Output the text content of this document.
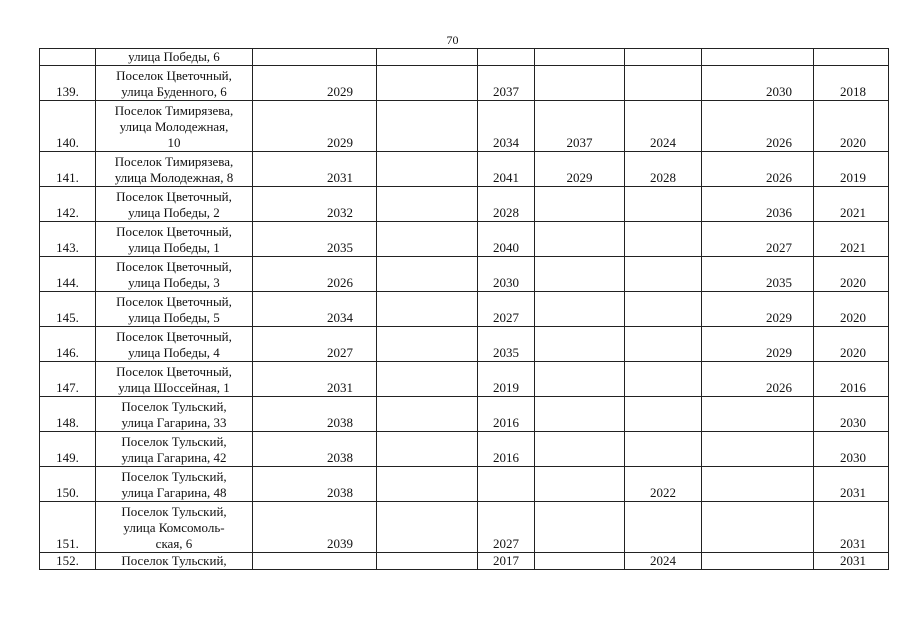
70

	улица Победы, 6							

139.	Поселок Цветочный,
улица Буденного, 6	2029		2037			2030	2018
140.	Поселок Тимирязева,
улица Молодежная,
10	2029		2034	2037	2024	2026	2020
141.	Поселок Тимирязева,
улица Молодежная, 8	2031		2041	2029	2028	2026	2019
142.	Поселок Цветочный,
улица Победы, 2	2032		2028			2036	2021
143.	Поселок Цветочный,
улица Победы, 1	2035		2040			2027	2021
144.	Поселок Цветочный,
улица Победы, 3	2026		2030			2035	2020
145.	Поселок Цветочный,
улица Победы, 5	2034		2027			2029	2020
146.	Поселок Цветочный,
улица Победы, 4	2027		2035			2029	2020
147.	Поселок Цветочный,
улица Шоссейная, 1	2031		2019			2026	2016
148.	Поселок Тульский,
улица Гагарина, 33	2038		2016				2030
149.	Поселок Тульский,
улица Гагарина, 42	2038		2016				2030
150.	Поселок Тульский,
улица Гагарина, 48	2038				2022		2031
151.	Поселок Тульский,
улица Комсомоль-
ская, 6	2039		2027				2031
152.	Поселок Тульский,			2017		2024		2031
